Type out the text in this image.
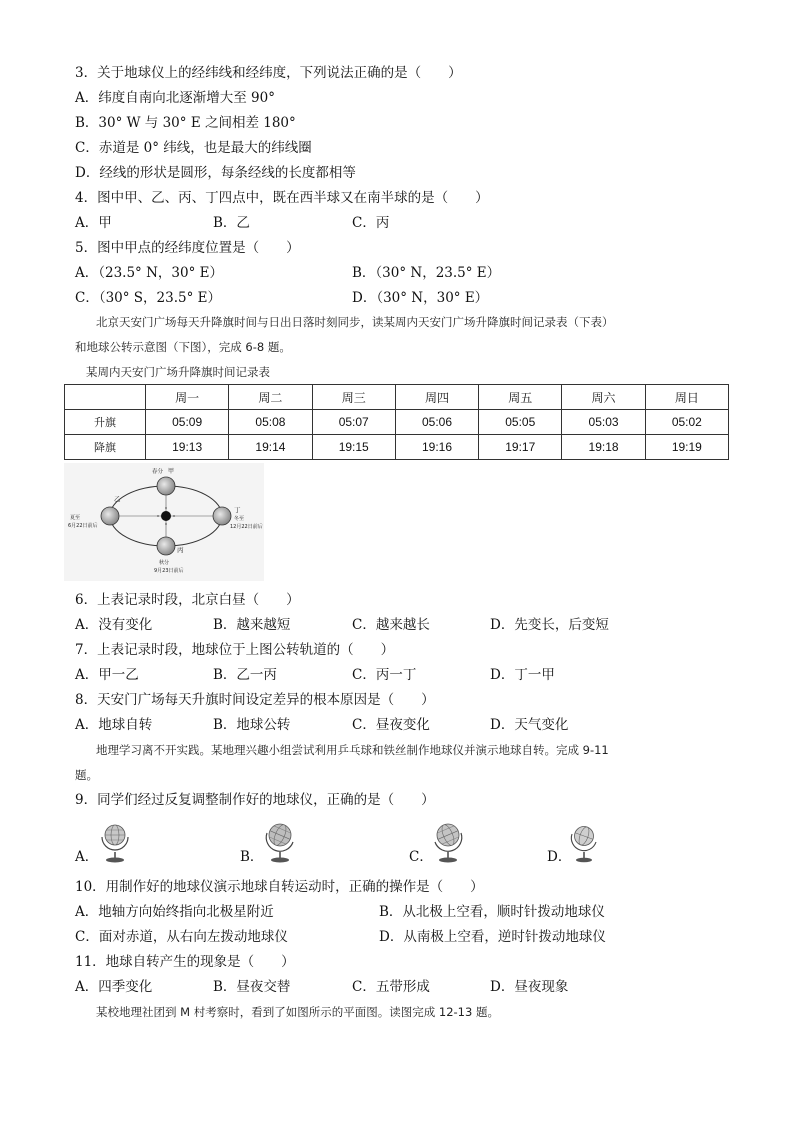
3．关于地球仪上的经纬线和经纬度，下列说法正确的是（　　）
A．纬度自南向北逐渐增大至 90°
B．30° W 与 30° E 之间相差 180°
C．赤道是 0° 纬线，也是最大的纬线圈
D．经线的形状是圆形，每条经线的长度都相等
4．图中甲、乙、丙、丁四点中，既在西半球又在南半球的是（　　）
A．甲	B．乙	C．丙
5．图中甲点的经纬度位置是（　　）
A．（23.5° N，30° E）	B．（30° N，23.5° E）
C．（30° S，23.5° E）	D．（30° N，30° E）
北京天安门广场每天升降旗时间与日出日落时刻同步，读某周内天安门广场升降旗时间记录表（下表）
和地球公转示意图（下图），完成 6-8 题。
某周内天安门广场升降旗时间记录表
	周一	周二	周三	周四	周五	周六	周日
升旗	05:09	05:08	05:07	05:06	05:05	05:03	05:02
降旗	19:13	19:14	19:15	19:16	19:17	19:18	19:19
春分 甲
乙
夏至
6月22日前后
丁
冬至
12月22日前后
丙
秋分
9月23日前后
6．上表记录时段，北京白昼（　　）
A．没有变化	B．越来越短	C．越来越长	D．先变长，后变短
7．上表记录时段，地球位于上图公转轨道的（　　）
A．甲一乙	B．乙一丙	C．丙一丁	D．丁一甲
8．天安门广场每天升旗时间设定差异的根本原因是（　　）
A．地球自转	B．地球公转	C．昼夜变化	D．天气变化
地理学习离不开实践。某地理兴趣小组尝试利用乒乓球和铁丝制作地球仪并演示地球自转。完成 9-11
题。
9．同学们经过反复调整制作好的地球仪，正确的是（　　）
A．	B．	C．	D．
10．用制作好的地球仪演示地球自转运动时，正确的操作是（　　）
A．地轴方向始终指向北极星附近	B．从北极上空看，顺时针拨动地球仪
C．面对赤道，从右向左拨动地球仪	D．从南极上空看，逆时针拨动地球仪
11．地球自转产生的现象是（　　）
A．四季变化	B．昼夜交替	C．五带形成	D．昼夜现象
某校地理社团到 M 村考察时，看到了如图所示的平面图。读图完成 12-13 题。
